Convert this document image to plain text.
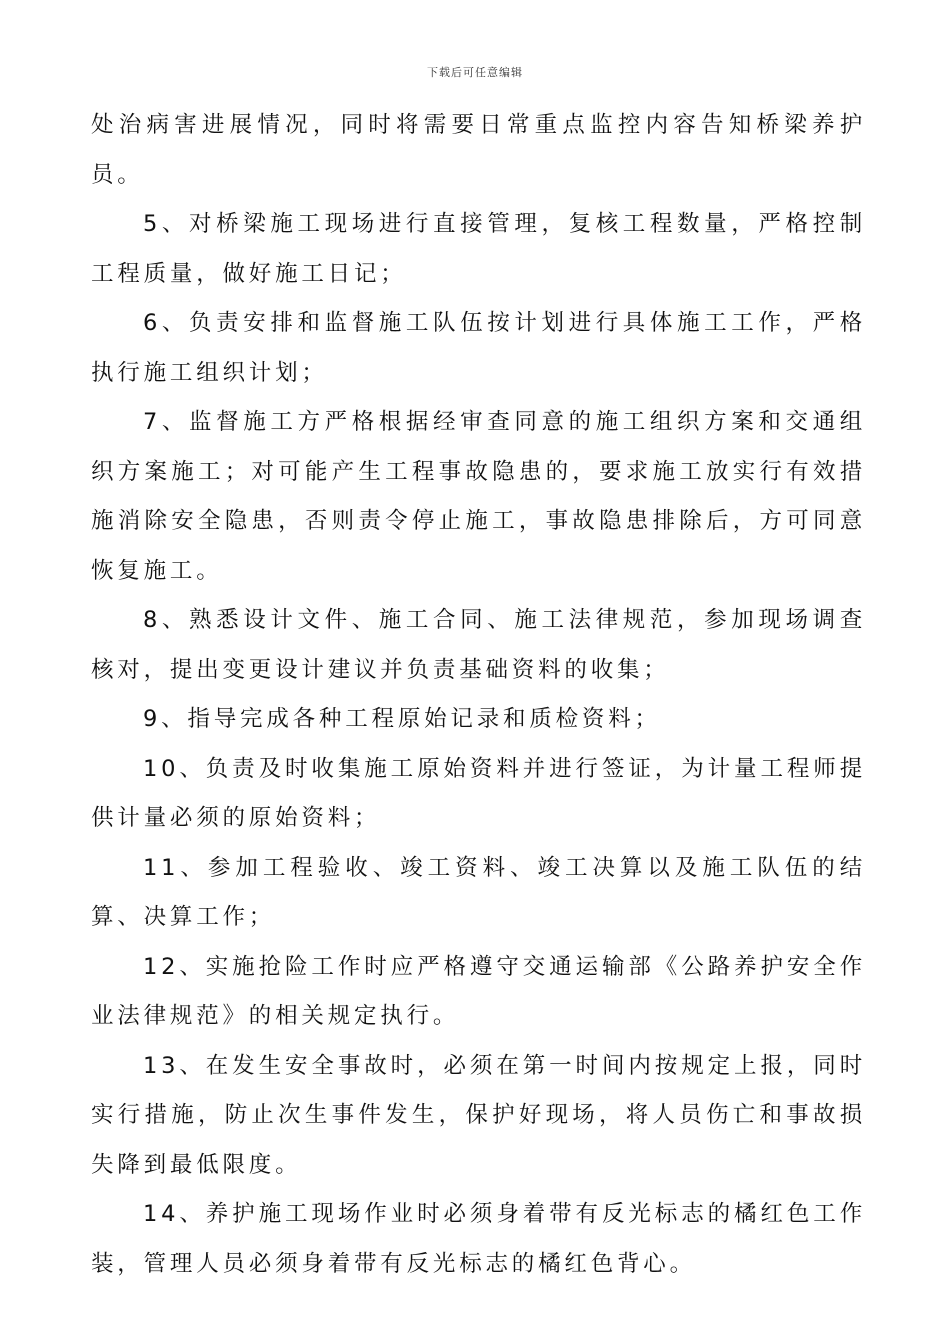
下载后可任意编辑

处治病害进展情况，同时将需要日常重点监控内容告知桥梁养护员。

5、对桥梁施工现场进行直接管理，复核工程数量，严格控制工程质量，做好施工日记；

6、负责安排和监督施工队伍按计划进行具体施工工作，严格执行施工组织计划；

7、监督施工方严格根据经审查同意的施工组织方案和交通组织方案施工；对可能产生工程事故隐患的，要求施工放实行有效措施消除安全隐患，否则责令停止施工，事故隐患排除后，方可同意恢复施工。

8、熟悉设计文件、施工合同、施工法律规范，参加现场调查核对，提出变更设计建议并负责基础资料的收集；

9、指导完成各种工程原始记录和质检资料；

10、负责及时收集施工原始资料并进行签证，为计量工程师提供计量必须的原始资料；

11、参加工程验收、竣工资料、竣工决算以及施工队伍的结算、决算工作；

12、实施抢险工作时应严格遵守交通运输部《公路养护安全作业法律规范》的相关规定执行。

13、在发生安全事故时，必须在第一时间内按规定上报，同时实行措施，防止次生事件发生，保护好现场，将人员伤亡和事故损失降到最低限度。

14、养护施工现场作业时必须身着带有反光标志的橘红色工作装，管理人员必须身着带有反光标志的橘红色背心。
